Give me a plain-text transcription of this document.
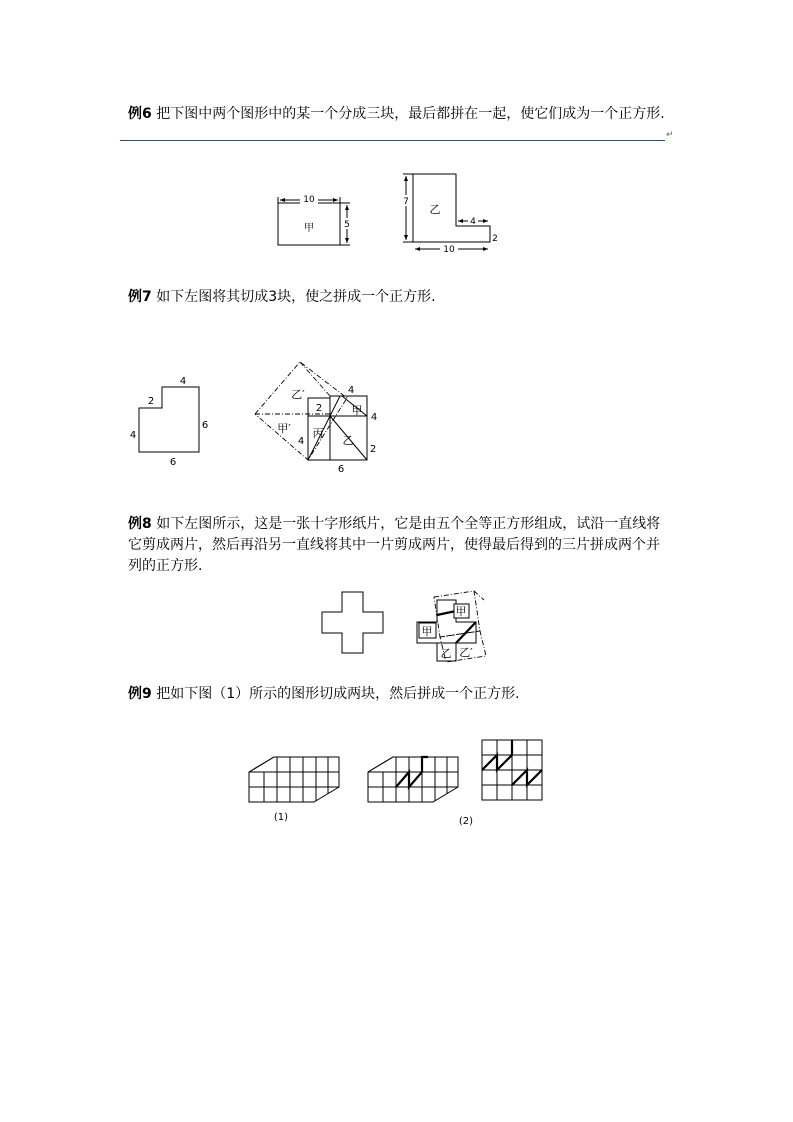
例6 把下图中两个图形中的某一个分成三块，最后都拼在一起，使它们成为一个正方形.
↵
甲
10
5
乙
7
4
2
10
例7 如下左图将其切成3块，使之拼成一个正方形.
4
2
6
4
6
4
4
2
6
2
4
乙′
甲′ 丙
乙
甲
例8 如下左图所示，这是一张十字形纸片，它是由五个全等正方形组成，试沿一直线将它剪成两片，然后再沿另一直线将其中一片剪成两片，使得最后得到的三片拼成两个并列的正方形.
甲
甲
乙 乙′
例9 把如下图（1）所示的图形切成两块，然后拼成一个正方形.
(1)	(2)
